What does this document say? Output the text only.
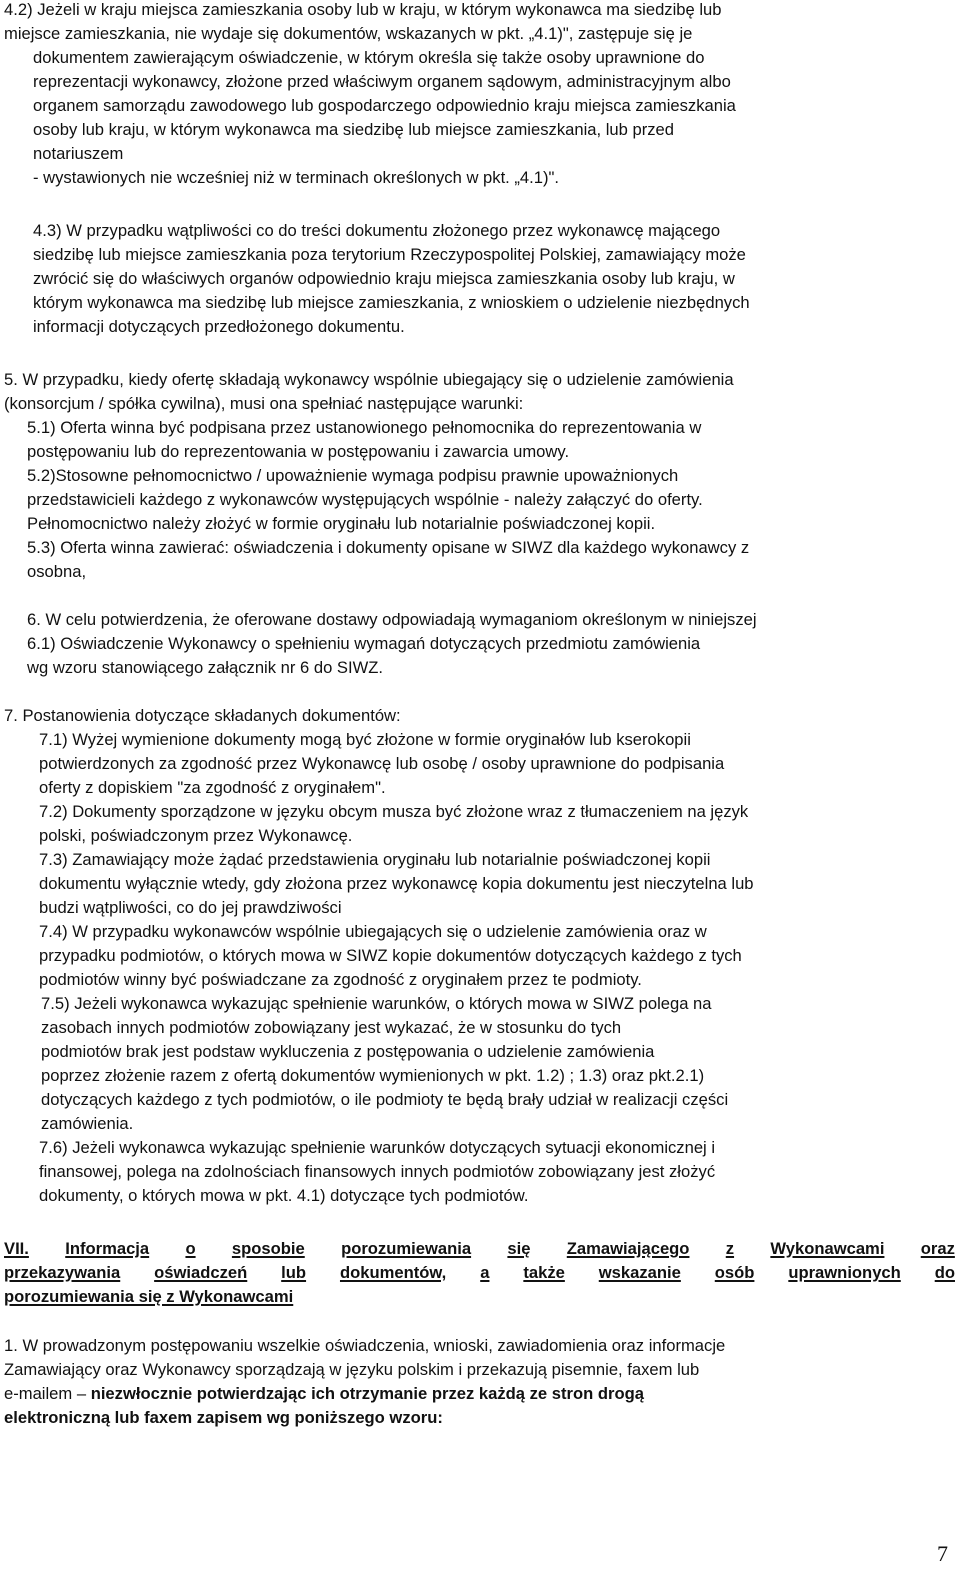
4.2) Jeżeli w kraju miejsca zamieszkania osoby lub w kraju, w którym wykonawca ma siedzibę lub
miejsce zamieszkania, nie wydaje się dokumentów, wskazanych w pkt. „4.1)", zastępuje się je
dokumentem zawierającym oświadczenie, w którym określa się także osoby uprawnione do
reprezentacji wykonawcy, złożone przed właściwym organem sądowym, administracyjnym albo
organem samorządu zawodowego lub gospodarczego odpowiednio kraju miejsca zamieszkania
osoby lub kraju, w którym wykonawca ma siedzibę lub miejsce zamieszkania, lub przed
notariuszem
- wystawionych nie wcześniej niż w terminach określonych w pkt. „4.1)".
4.3) W przypadku wątpliwości co do treści dokumentu złożonego przez wykonawcę mającego
siedzibę lub miejsce zamieszkania poza terytorium Rzeczypospolitej Polskiej, zamawiający może
zwrócić się do właściwych organów odpowiednio kraju miejsca zamieszkania osoby lub kraju, w
którym wykonawca ma siedzibę lub miejsce zamieszkania, z wnioskiem o udzielenie niezbędnych
informacji dotyczących przedłożonego dokumentu.
5. W przypadku, kiedy ofertę składają wykonawcy wspólnie ubiegający się o udzielenie zamówienia
(konsorcjum / spółka cywilna), musi ona spełniać następujące warunki:
5.1) Oferta winna być podpisana przez ustanowionego pełnomocnika do reprezentowania w
postępowaniu lub do reprezentowania w postępowaniu i zawarcia umowy.
5.2)Stosowne pełnomocnictwo / upoważnienie wymaga podpisu prawnie upoważnionych
przedstawicieli każdego z wykonawców występujących wspólnie - należy załączyć do oferty.
Pełnomocnictwo należy złożyć w formie oryginału lub notarialnie poświadczonej kopii.
5.3) Oferta winna zawierać: oświadczenia i dokumenty opisane w SIWZ dla każdego wykonawcy z
osobna,
6. W celu potwierdzenia, że oferowane dostawy odpowiadają wymaganiom określonym w niniejszej
6.1) Oświadczenie Wykonawcy o spełnieniu wymagań dotyczących przedmiotu zamówienia
wg wzoru stanowiącego załącznik nr 6 do SIWZ.
7. Postanowienia dotyczące składanych dokumentów:
7.1) Wyżej wymienione dokumenty mogą być złożone w formie oryginałów lub kserokopii
potwierdzonych za zgodność przez Wykonawcę lub osobę / osoby uprawnione do podpisania
oferty z dopiskiem "za zgodność z oryginałem".
7.2) Dokumenty sporządzone w języku obcym musza być złożone wraz z tłumaczeniem na język
polski, poświadczonym przez Wykonawcę.
7.3) Zamawiający może żądać przedstawienia oryginału lub notarialnie poświadczonej kopii
dokumentu wyłącznie wtedy, gdy złożona przez wykonawcę kopia dokumentu jest nieczytelna lub
budzi wątpliwości, co do jej prawdziwości
7.4) W przypadku wykonawców wspólnie ubiegających się o udzielenie zamówienia oraz w
przypadku podmiotów, o których mowa w SIWZ kopie dokumentów dotyczących każdego z tych
podmiotów winny być poświadczane za zgodność z oryginałem przez te podmioty.
7.5) Jeżeli wykonawca wykazując spełnienie warunków, o których mowa w SIWZ polega na
zasobach innych podmiotów zobowiązany jest wykazać, że w stosunku do tych
podmiotów brak jest podstaw wykluczenia z postępowania o udzielenie zamówienia
poprzez złożenie razem z ofertą dokumentów wymienionych w pkt. 1.2) ; 1.3) oraz pkt.2.1)
dotyczących każdego z tych podmiotów, o ile podmioty te będą brały udział w realizacji części
zamówienia.
7.6) Jeżeli wykonawca wykazując spełnienie warunków dotyczących sytuacji ekonomicznej i
finansowej, polega na zdolnościach finansowych innych podmiotów zobowiązany jest złożyć
dokumenty, o których mowa w pkt. 4.1) dotyczące tych podmiotów.
VII. Informacja o sposobie porozumiewania się Zamawiającego z Wykonawcami oraz
przekazywania oświadczeń lub dokumentów, a także wskazanie osób uprawnionych do
porozumiewania się z Wykonawcami
1. W prowadzonym postępowaniu wszelkie oświadczenia, wnioski, zawiadomienia oraz informacje
Zamawiający oraz Wykonawcy sporządzają w języku polskim i przekazują pisemnie, faxem lub
e-mailem – niezwłocznie potwierdzając ich otrzymanie przez każdą ze stron drogą
elektroniczną lub faxem zapisem wg poniższego wzoru:
7
